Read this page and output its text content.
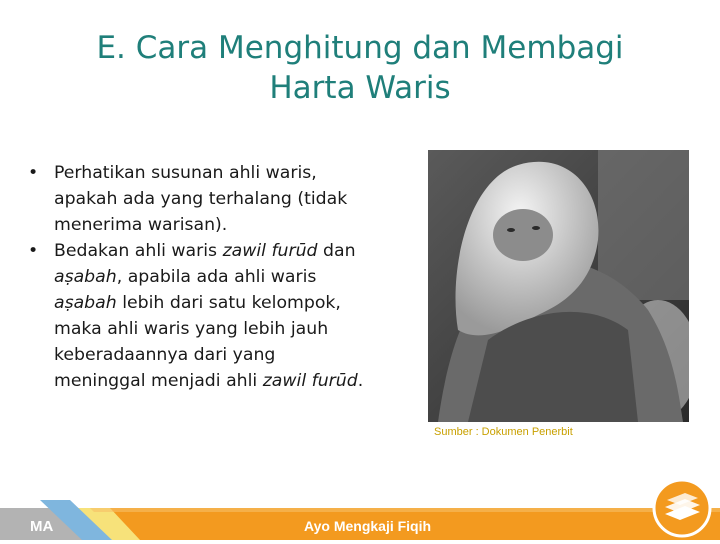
E. Cara Menghitung dan Membagi
Harta Waris
• Perhatikan susunan ahli waris,
apakah ada yang terhalang (tidak
menerima warisan).
• Bedakan ahli waris zawil furūd dan
aṣabah, apabila ada ahli waris
aṣabah lebih dari satu kelompok,
maka ahli waris yang lebih jauh
keberadaannya dari yang
meninggal menjadi ahli zawil furūd.
Sumber : Dokumen Penerbit
MA	Ayo Mengkaji Fiqih
